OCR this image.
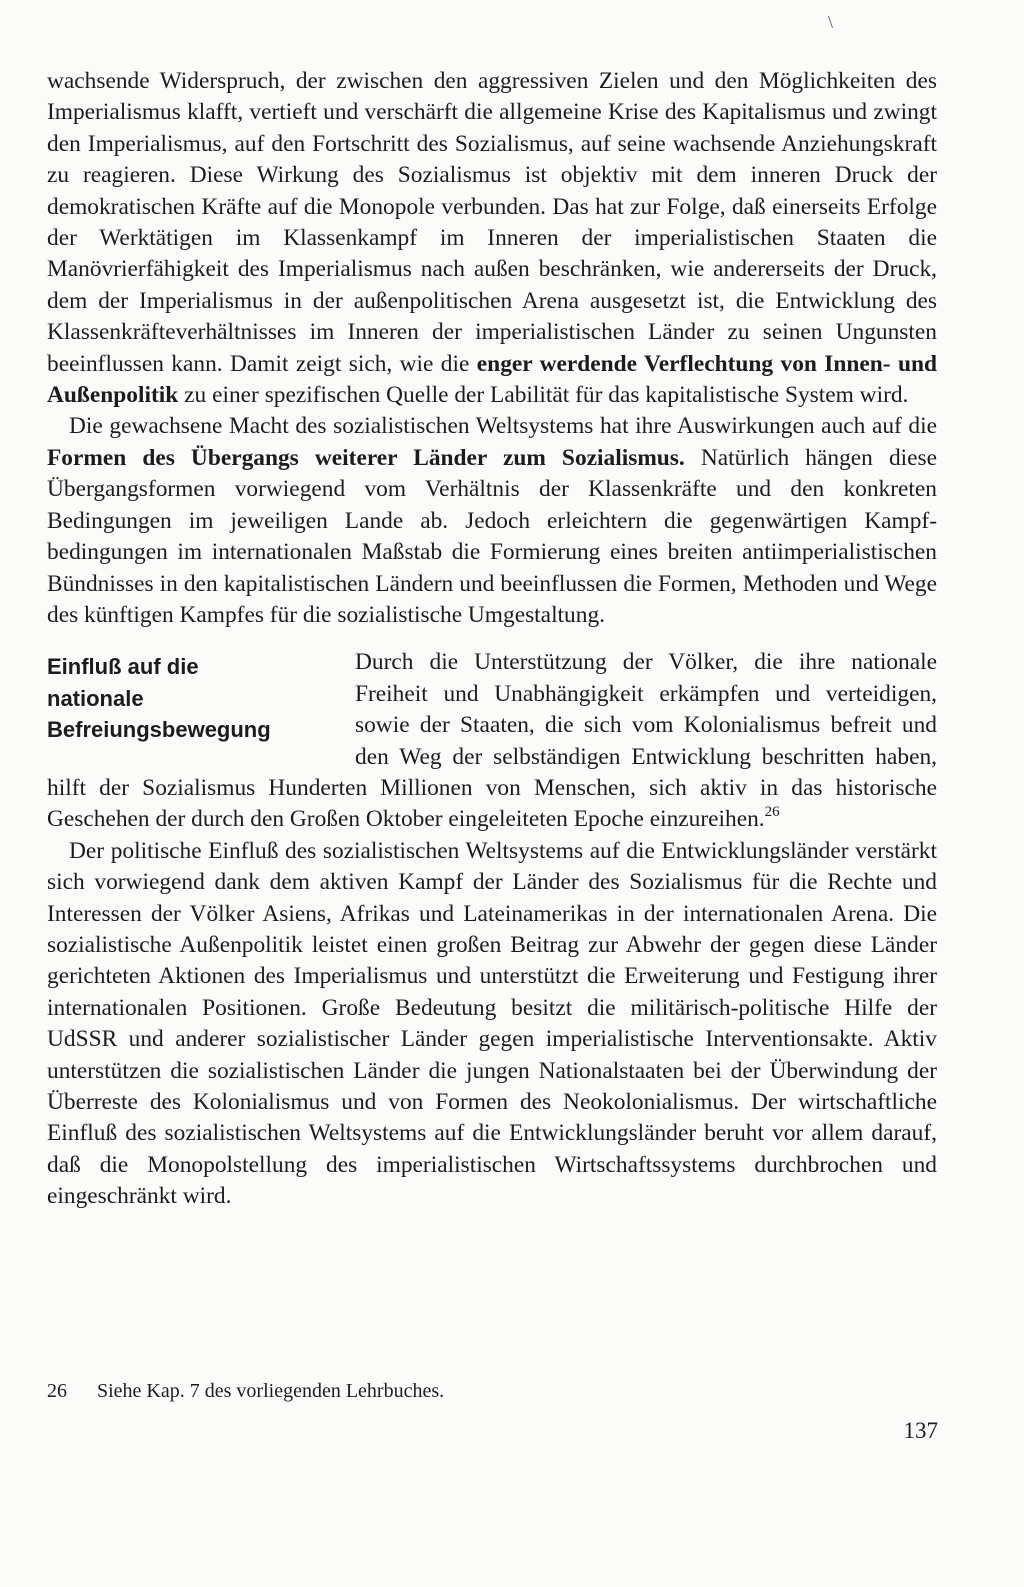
wachsende Widerspruch, der zwischen den aggressiven Zielen und den Möglichkeiten des Imperialismus klafft, vertieft und verschärft die allgemeine Krise des Kapitalismus und zwingt den Imperialismus, auf den Fortschritt des Sozialismus, auf seine wachsende Anziehungskraft zu reagieren. Diese Wirkung des Sozialismus ist objektiv mit dem inneren Druck der demokratischen Kräfte auf die Monopole verbunden. Das hat zur Folge, daß einerseits Erfolge der Werktätigen im Klassenkampf im Inneren der imperialistischen Staaten die Manövrierfähigkeit des Imperialismus nach außen beschränken, wie andererseits der Druck, dem der Imperialismus in der außenpolitischen Arena ausgesetzt ist, die Entwicklung des Klassenkräfteverhältnisses im Inneren der imperialistischen Länder zu seinen Ungunsten beeinflussen kann. Damit zeigt sich, wie die enger werdende Verflechtung von Innen- und Außenpolitik zu einer spezifischen Quelle der Labilität für das kapitalistische System wird.

Die gewachsene Macht des sozialistischen Weltsystems hat ihre Auswirkungen auch auf die Formen des Übergangs weiterer Länder zum Sozialismus. Natürlich hängen diese Übergangsformen vorwiegend vom Verhältnis der Klassenkräfte und den konkreten Bedingungen im jeweiligen Lande ab. Jedoch erleichtern die gegenwärtigen Kampfbedingungen im internationalen Maßstab die Formierung eines breiten antiimperialistischen Bündnisses in den kapitalistischen Ländern und beeinflussen die Formen, Methoden und Wege des künftigen Kampfes für die sozialistische Umgestaltung.

Einfluß auf die
nationale
Befreiungsbewegung

Durch die Unterstützung der Völker, die ihre nationale Freiheit und Unabhängigkeit erkämpfen und verteidigen, sowie der Staaten, die sich vom Kolonialismus befreit und den Weg der selbständigen Entwicklung beschritten haben, hilft der Sozialismus Hunderten Millionen von Menschen, sich aktiv in das historische Geschehen der durch den Großen Oktober eingeleiteten Epoche einzureihen.$^{26}$

Der politische Einfluß des sozialistischen Weltsystems auf die Entwicklungsländer verstärkt sich vorwiegend dank dem aktiven Kampf der Länder des Sozialismus für die Rechte und Interessen der Völker Asiens, Afrikas und Lateinamerikas in der internationalen Arena. Die sozialistische Außenpolitik leistet einen großen Beitrag zur Abwehr der gegen diese Länder gerichteten Aktionen des Imperialismus und unterstützt die Erweiterung und Festigung ihrer internationalen Positionen. Große Bedeutung besitzt die militärisch-politische Hilfe der UdSSR und anderer sozialistischer Länder gegen imperialistische Interventionsakte. Aktiv unterstützen die sozialistischen Länder die jungen Nationalstaaten bei der Überwindung der Überreste des Kolonialismus und von Formen des Neokolonialismus. Der wirtschaftliche Einfluß des sozialistischen Weltsystems auf die Entwicklungsländer beruht vor allem darauf, daß die Monopolstellung des imperialistischen Wirtschaftssystems durchbrochen und eingeschränkt wird.

26 Siehe Kap. 7 des vorliegenden Lehrbuches.
137
\
